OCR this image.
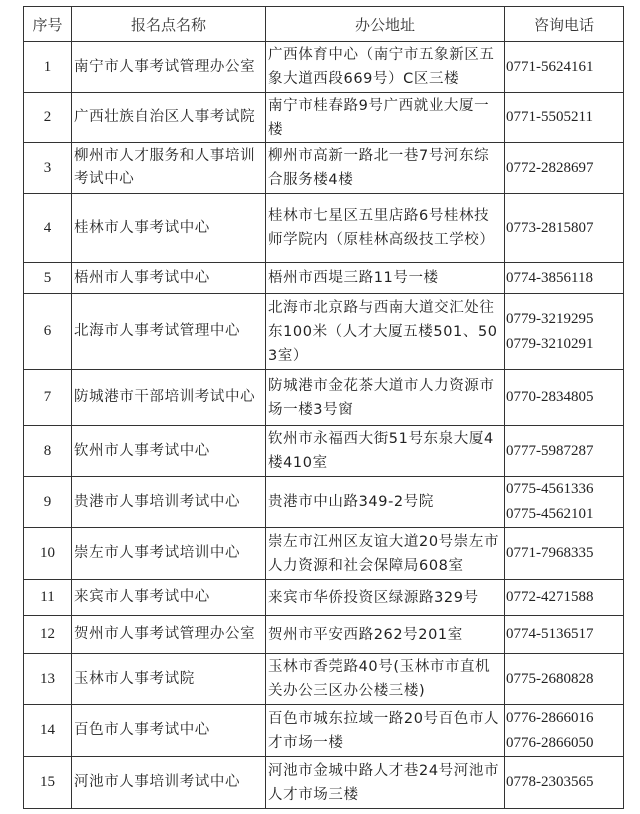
序号	报名点名称	办公地址	咨询电话
1	南宁市人事考试管理办公室	广西体育中心（南宁市五象新区五象大道西段669号）C区三楼	0771-5624161

2	广西壮族自治区人事考试院	南宁市桂春路9号广西就业大厦一楼	0771-5505211

3	柳州市人才服务和人事培训考试中心	柳州市高新一路北一巷7号河东综合服务楼4楼	0772-2828697

4	桂林市人事考试中心	桂林市七星区五里店路6号桂林技师学院内（原桂林高级技工学校）	0773-2815807

5	梧州市人事考试中心	梧州市西堤三路11号一楼	0774-3856118

6	北海市人事考试管理中心	北海市北京路与西南大道交汇处往东100米（人才大厦五楼501、503室）	0779-3219295
0779-3210291

7	防城港市干部培训考试中心	防城港市金花茶大道市人力资源市场一楼3号窗	0770-2834805

8	钦州市人事考试中心	钦州市永福西大街51号东泉大厦4楼410室	0777-5987287

9	贵港市人事培训考试中心	贵港市中山路349-2号院	0775-4561336
0775-4562101

10	崇左市人事考试培训中心	崇左市江州区友谊大道20号崇左市人力资源和社会保障局608室	0771-7968335

11	来宾市人事考试中心	来宾市华侨投资区绿源路329号	0772-4271588

12	贺州市人事考试管理办公室	贺州市平安西路262号201室	0774-5136517

13	玉林市人事考试院	玉林市香莞路40号(玉林市市直机关办公三区办公楼三楼)	0775-2680828

14	百色市人事考试中心	百色市城东拉域一路20号百色市人才市场一楼	0776-2866016
0776-2866050

15	河池市人事培训考试中心	河池市金城中路人才巷24号河池市人才市场三楼	0778-2303565
